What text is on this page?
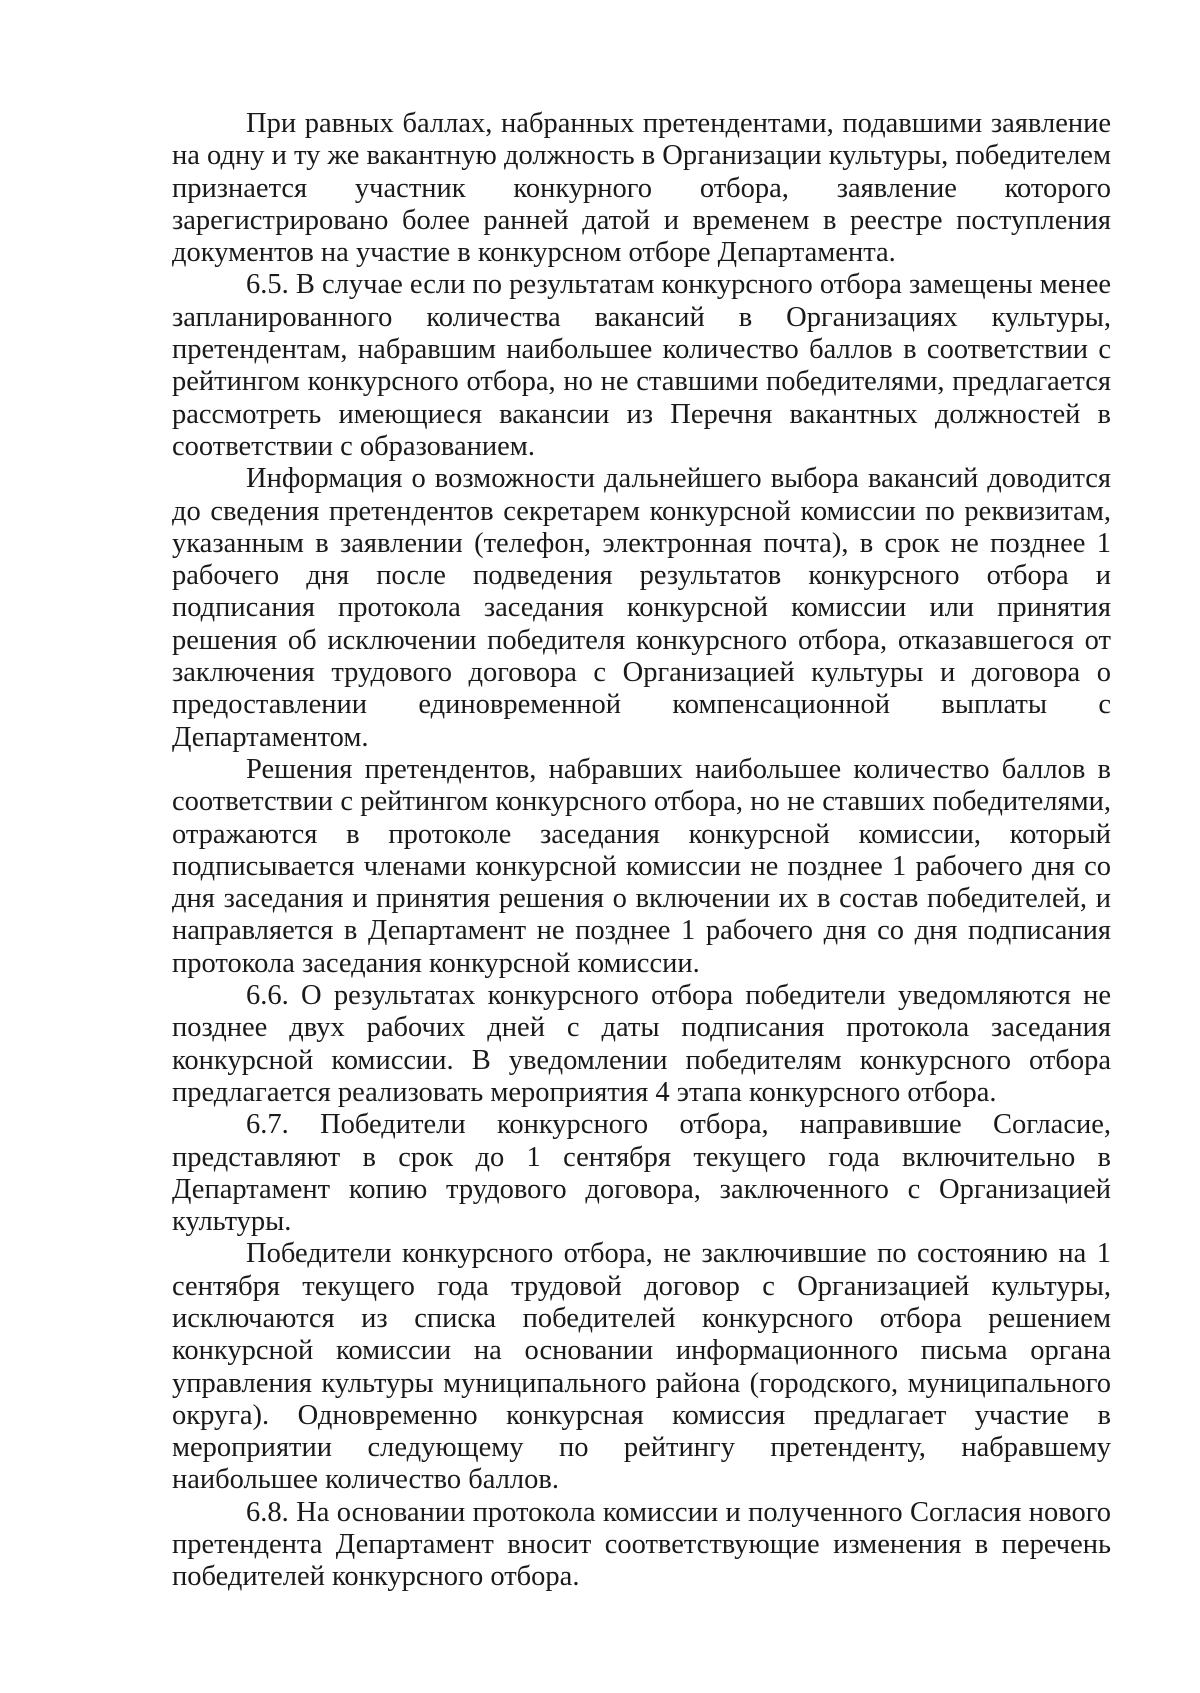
При равных баллах, набранных претендентами, подавшими заявление на одну и ту же вакантную должность в Организации культуры, победителем признается участник конкурного отбора, заявление которого зарегистрировано более ранней датой и временем в реестре поступления документов на участие в конкурсном отборе Департамента.

6.5. В случае если по результатам конкурсного отбора замещены менее запланированного количества вакансий в Организациях культуры, претендентам, набравшим наибольшее количество баллов в соответствии с рейтингом конкурсного отбора, но не ставшими победителями, предлагается рассмотреть имеющиеся вакансии из Перечня вакантных должностей в соответствии с образованием.

Информация о возможности дальнейшего выбора вакансий доводится до сведения претендентов секретарем конкурсной комиссии по реквизитам, указанным в заявлении (телефон, электронная почта), в срок не позднее 1 рабочего дня после подведения результатов конкурсного отбора и подписания протокола заседания конкурсной комиссии или принятия решения об исключении победителя конкурсного отбора, отказавшегося от заключения трудового договора с Организацией культуры и договора о предоставлении единовременной компенсационной выплаты с Департаментом.

Решения претендентов, набравших наибольшее количество баллов в соответствии с рейтингом конкурсного отбора, но не ставших победителями, отражаются в протоколе заседания конкурсной комиссии, который подписывается членами конкурсной комиссии не позднее 1 рабочего дня со дня заседания и принятия решения о включении их в состав победителей, и направляется в Департамент не позднее 1 рабочего дня со дня подписания протокола заседания конкурсной комиссии.

6.6. О результатах конкурсного отбора победители уведомляются не позднее двух рабочих дней с даты подписания протокола заседания конкурсной комиссии. В уведомлении победителям конкурсного отбора предлагается реализовать мероприятия 4 этапа конкурсного отбора.

6.7. Победители конкурсного отбора, направившие Согласие, представляют в срок до 1 сентября текущего года включительно в Департамент копию трудового договора, заключенного с Организацией культуры.

Победители конкурсного отбора, не заключившие по состоянию на 1 сентября текущего года трудовой договор с Организацией культуры, исключаются из списка победителей конкурсного отбора решением конкурсной комиссии на основании информационного письма органа управления культуры муниципального района (городского, муниципального округа). Одновременно конкурсная комиссия предлагает участие в мероприятии следующему по рейтингу претенденту, набравшему наибольшее количество баллов.

6.8. На основании протокола комиссии и полученного Согласия нового претендента Департамент вносит соответствующие изменения в перечень победителей конкурсного отбора.
